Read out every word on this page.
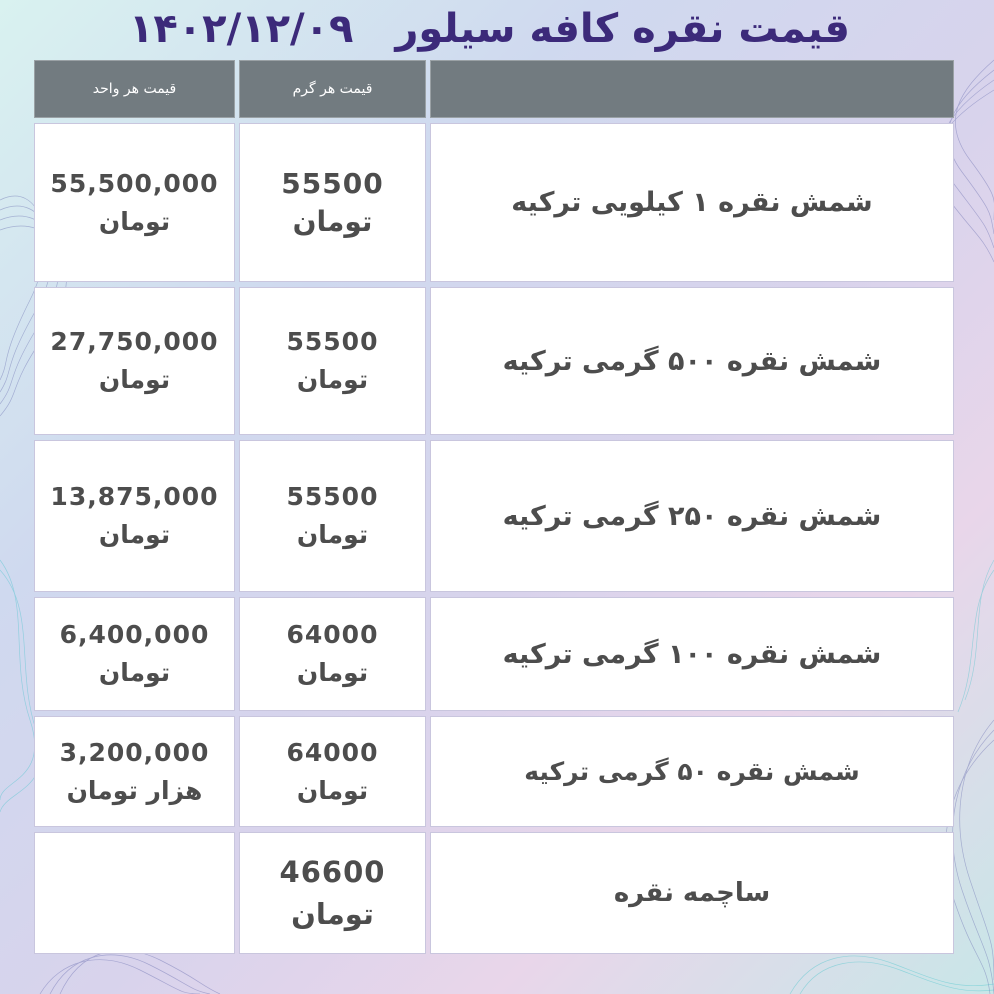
قیمت نقره کافه سیلور ۱۴۰۲/۱۲/۰۹
قیمت هر واحد	قیمت هر گرم
55,500,000
تومان
55500
تومان
شمش نقره ۱ کیلویی ترکیه
27,750,000
تومان
55500
تومان
شمش نقره ۵۰۰ گرمی ترکیه
13,875,000
تومان
55500
تومان
شمش نقره ۲۵۰ گرمی ترکیه
6,400,000
تومان
64000
تومان
شمش نقره ۱۰۰ گرمی ترکیه
3,200,000
هزار تومان
64000
تومان
شمش نقره ۵۰ گرمی ترکیه
46600
تومان
ساچمه نقره
